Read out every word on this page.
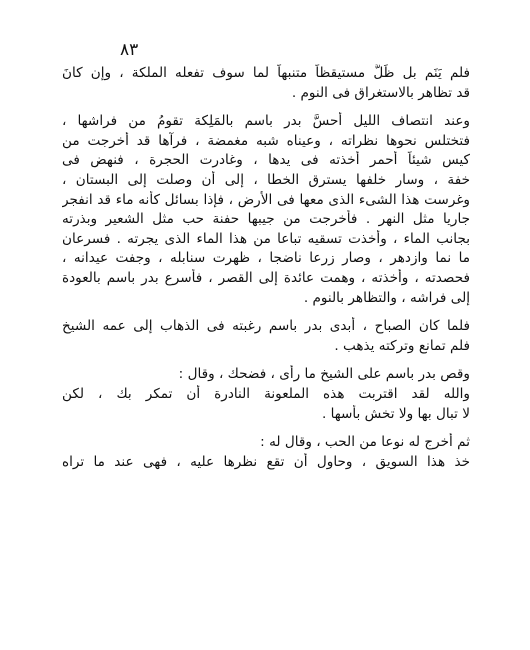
٨٣
فلم يَنَم بل ظَلَّ مستيقظاً متنبهاً لما سوف تفعله الملكة ، وإن كانَ
قد تظاهر بالاستغراق فى النوم .
وعند انتصاف الليل أحسَّ بدر باسم بالمَلِكة تقومُ من فراشها ،
فتختلس نحوها نظراته ، وعيناه شبه مغمضة ، فرآها قد أخرجت من
كيس شيئاً أحمر أخذته فى يدها ، وغادرت الحجرة ، فنهض فى
خفة ، وسار خلفها يسترق الخطا ، إلى أن وصلت إلى البستان ،
وغرست هذا الشىء الذى معها فى الأرض ، فإذا بسائل كأنه ماء قد انفجر
جاريا مثل النهر . فأخرجت من جيبها حفنة حب مثل الشعير وبذرته
بجانب الماء ، وأخذت تسقيه تباعا من هذا الماء الذى يجرته . فسرعان
ما نما وازدهر ، وصار زرعا ناضجا ، ظهرت سنابله ، وجفت عيدانه ،
فحصدته ، وأخذته ، وهمت عائدة إلى القصر ، فأسرع بدر باسم بالعودة
إلى فراشه ، والتظاهر بالنوم .
فلما كان الصباح ، أبدى بدر باسم رغبته فى الذهاب إلى عمه الشيخ
فلم تمانع وتركته يذهب .
وقص بدر باسم على الشيخ ما رأى ، فضحك ، وقال :
والله لقد اقتربت هذه الملعونة النادرة أن تمكر بك ، لكن
لا تبال بها ولا تخش بأسها .
ثم أخرج له نوعا من الحب ، وقال له :
خذ هذا السويق ، وحاول أن تقع نظرها عليه ، فهى عند ما تراه
